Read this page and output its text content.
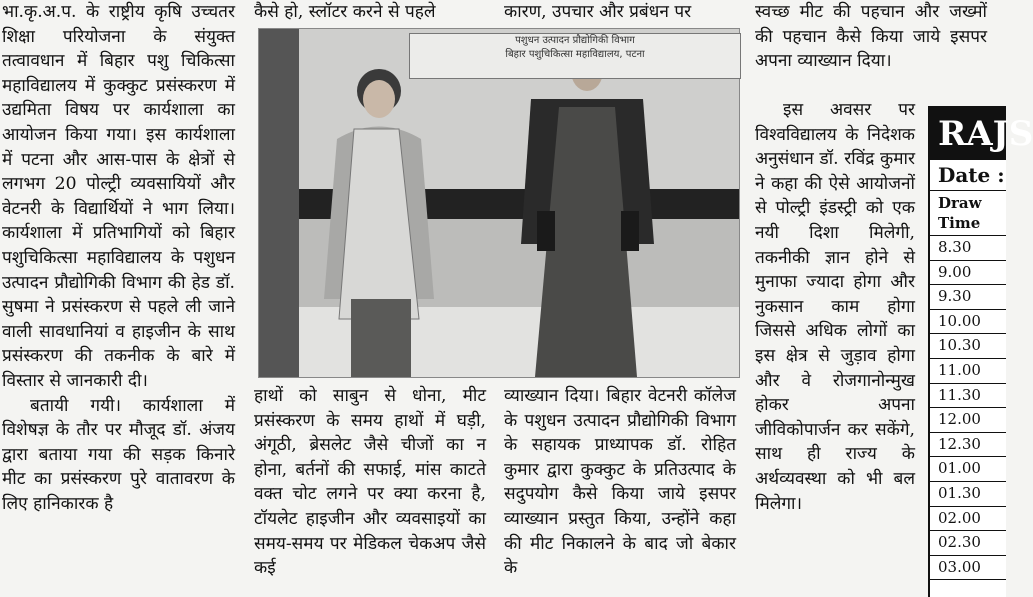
भा.कृ.अ.प. के राष्ट्रीय कृषि उच्चतर शिक्षा परियोजना के संयुक्त तत्वावधान में बिहार पशु चिकित्सा महाविद्यालय में कुक्कुट प्रसंस्करण में उद्यमिता विषय पर कार्यशाला का आयोजन किया गया। इस कार्यशाला में पटना और आस-पास के क्षेत्रों से लगभग 20 पोल्ट्री व्यवसायियों और वेटनरी के विद्यार्थियों ने भाग लिया। कार्यशाला में प्रतिभागियों को बिहार पशुचिकित्सा महाविद्यालय के पशुधन उत्पादन प्रौद्योगिकी विभाग की हेड डॉ. सुषमा ने प्रसंस्करण से पहले ली जाने वाली सावधानियां व हाइजीन के साथ प्रसंस्करण की तकनीक के बारे में विस्तार से जानकारी दी।

बतायी गयी। कार्यशाला में विशेषज्ञ के तौर पर मौजूद डॉ. अंजय द्वारा बताया गया की सड़क किनारे मीट का प्रसंस्करण पुरे वातावरण के लिए हानिकारक है

कैसे हो, स्लॉटर करने से पहले	कारण, उपचार और प्रबंधन पर	स्वच्छ मीट की पहचान और जख्मों की पहचान कैसे किया जाये इसपर अपना व्याख्यान दिया।

इस अवसर पर विश्वविद्यालय के निदेशक अनुसंधान डॉ. रविंद्र कुमार ने कहा की ऐसे आयोजनों से पोल्ट्री इंडस्ट्री को एक नयी दिशा मिलेगी, तकनीकी ज्ञान होने से मुनाफा ज्यादा होगा और नुकसान काम होगा जिससे अधिक लोगों का इस क्षेत्र से जुड़ाव होगा और वे रोजगानोन्मुख होकर अपना जीविकोपार्जन कर सकेंगे, साथ ही राज्य के अर्थव्यवस्था को भी बल मिलेगा।

पशुधन उत्पादन प्रौद्योगिकी विभाग
बिहार पशुचिकित्सा महाविद्यालय, पटना
हाथों को साबुन से धोना, मीट प्रसंस्करण के समय हाथों में घड़ी, अंगूठी, ब्रेसलेट जैसे चीजों का न होना, बर्तनों की सफाई, मांस काटते वक्त चोट लगने पर क्या करना है, टॉयलेट हाइजीन और व्यवसाइयों का समय-समय पर मेडिकल चेकअप जैसे कई
व्याख्यान दिया। बिहार वेटनरी कॉलेज के पशुधन उत्पादन प्रौद्योगिकी विभाग के सहायक प्राध्यापक डॉ. रोहित कुमार द्वारा कुक्कुट के प्रतिउत्पाद के सदुपयोग कैसे किया जाये इसपर व्याख्यान प्रस्तुत किया, उन्होंने कहा की मीट निकालने के बाद जो बेकार के
RAJS
Date :
Draw
Time
8.30
9.00
9.30
10.00
10.30
11.00
11.30
12.00
12.30
01.00
01.30
02.00
02.30
03.00
